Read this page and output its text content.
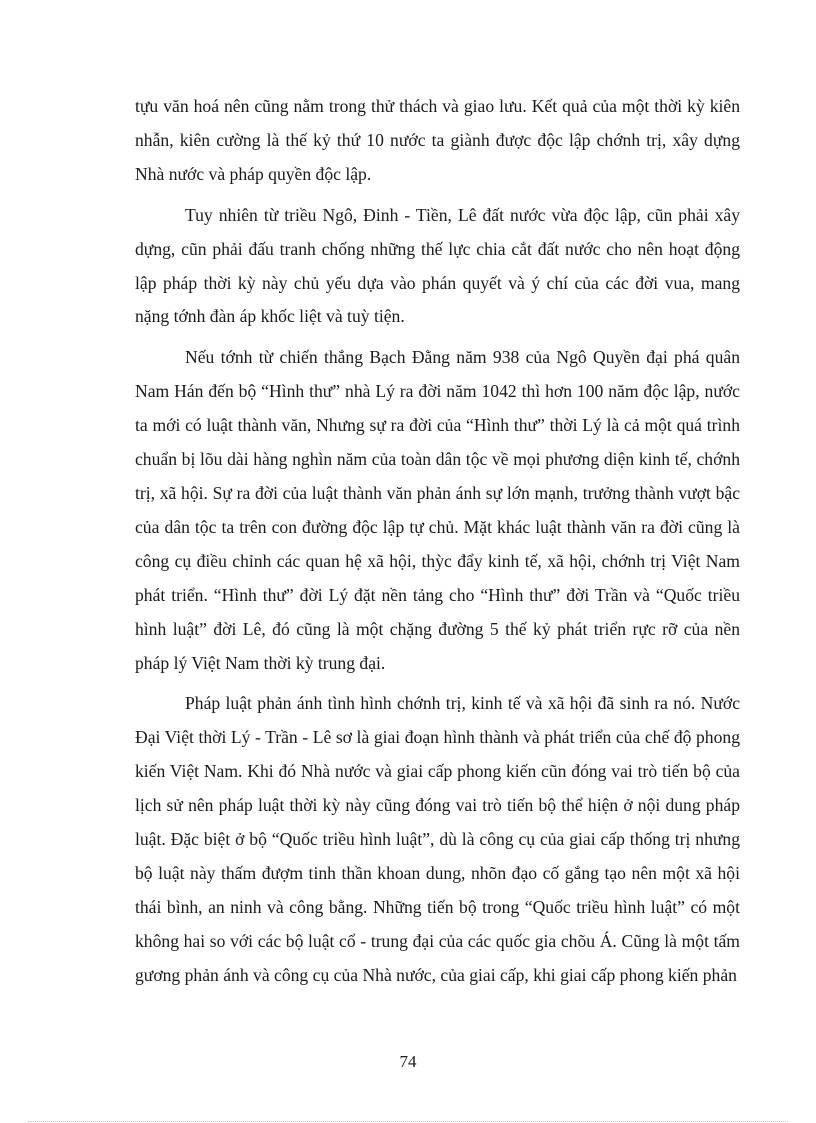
tựu văn hoá nên cũng nằm trong thử thách và giao lưu. Kết quả của một thời kỳ kiên nhẫn, kiên cường là thế kỷ thứ 10 nước ta giành được độc lập chớnh trị, xây dựng Nhà nước và pháp quyền độc lập.

Tuy nhiên từ triều Ngô, Đinh - Tiền, Lê đất nước vừa độc lập, cũn phải xây dựng, cũn phải đấu tranh chống những thế lực chia cắt đất nước cho nên hoạt động lập pháp thời kỳ này chủ yếu dựa vào phán quyết và ý chí của các đời vua, mang nặng tớnh đàn áp khốc liệt và tuỳ tiện.

Nếu tớnh từ chiến thắng Bạch Đằng năm 938 của Ngô Quyền đại phá quân Nam Hán đến bộ “Hình thư” nhà Lý ra đời năm 1042 thì hơn 100 năm độc lập, nước ta mới có luật thành văn, Nhưng sự ra đời của “Hình thư” thời Lý là cả một quá trình chuẩn bị lõu dài hàng nghìn năm của toàn dân tộc về mọi phương diện kinh tế, chớnh trị, xã hội. Sự ra đời của luật thành văn phản ánh sự lớn mạnh, trưởng thành vượt bậc của dân tộc ta trên con đường độc lập tự chủ. Mặt khác luật thành văn ra đời cũng là công cụ điều chỉnh các quan hệ xã hội, thỳc đẩy kinh tế, xã hội, chớnh trị Việt Nam phát triển. “Hình thư” đời Lý đặt nền tảng cho “Hình thư” đời Trần và “Quốc triều hình luật” đời Lê, đó cũng là một chặng đường 5 thế kỷ phát triển rực rỡ của nền pháp lý Việt Nam thời kỳ trung đại.

Pháp luật phản ánh tình hình chớnh trị, kinh tế và xã hội đã sinh ra nó. Nước Đại Việt thời Lý - Trần - Lê sơ là giai đoạn hình thành và phát triển của chế độ phong kiến Việt Nam. Khi đó Nhà nước và giai cấp phong kiến cũn đóng vai trò tiến bộ của lịch sử nên pháp luật thời kỳ này cũng đóng vai trò tiến bộ thể hiện ở nội dung pháp luật. Đặc biệt ở bộ “Quốc triều hình luật”, dù là công cụ của giai cấp thống trị nhưng bộ luật này thấm đượm tinh thần khoan dung, nhõn đạo cố gắng tạo nên một xã hội thái bình, an ninh và công bằng. Những tiến bộ trong “Quốc triều hình luật” có một không hai so với các bộ luật cổ - trung đại của các quốc gia chõu Á. Cũng là một tấm gương phản ánh và công cụ của Nhà nước, của giai cấp, khi giai cấp phong kiến phản

74
